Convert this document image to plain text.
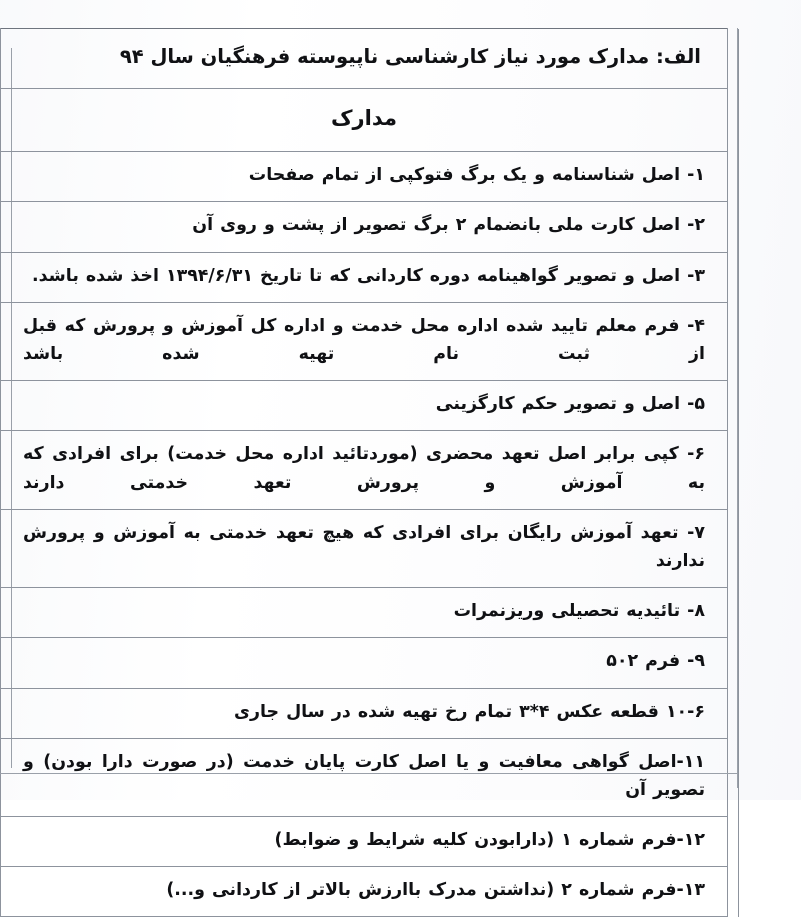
	الف: مدارک مورد نیاز کارشناسی ناپیوسته فرهنگیان سال ۹۴

	مدارک

	۱- اصل شناسنامه و یک برگ فتوکپی از تمام صفحات

	۲- اصل کارت ملی بانضمام ۲ برگ تصویر از پشت و روی آن

	۳- اصل و تصویر گواهینامه دوره کاردانی که تا تاریخ ۱۳۹۴/۶/۳۱ اخذ شده باشد.

	۴- فرم معلم تایید شده اداره محل خدمت و اداره کل آموزش و پرورش که قبل از ثبت نام تهیه شده باشد

	۵- اصل و تصویر حکم کارگزینی

	۶- کپی برابر اصل تعهد محضری (موردتائید اداره محل خدمت) برای افرادی که به آموزش و پرورش تعهد خدمتی دارند

	۷- تعهد آموزش رایگان برای افرادی که هیچ تعهد خدمتی به آموزش و پرورش ندارند

	۸- تائیدیه تحصیلی وریزنمرات

	۹- فرم ۵۰۲

	۱۰-۶ قطعه عکس ۴*۳ تمام رخ تهیه شده در سال جاری

	۱۱-اصل گواهی معافیت و یا اصل کارت پایان خدمت (در صورت دارا بودن) و تصویر آن

	۱۲-فرم شماره ۱ (دارابودن کلیه شرایط و ضوابط)

	۱۳-فرم شماره ۲ (نداشتن مدرک باارزش بالاتر از کاردانی و...)
